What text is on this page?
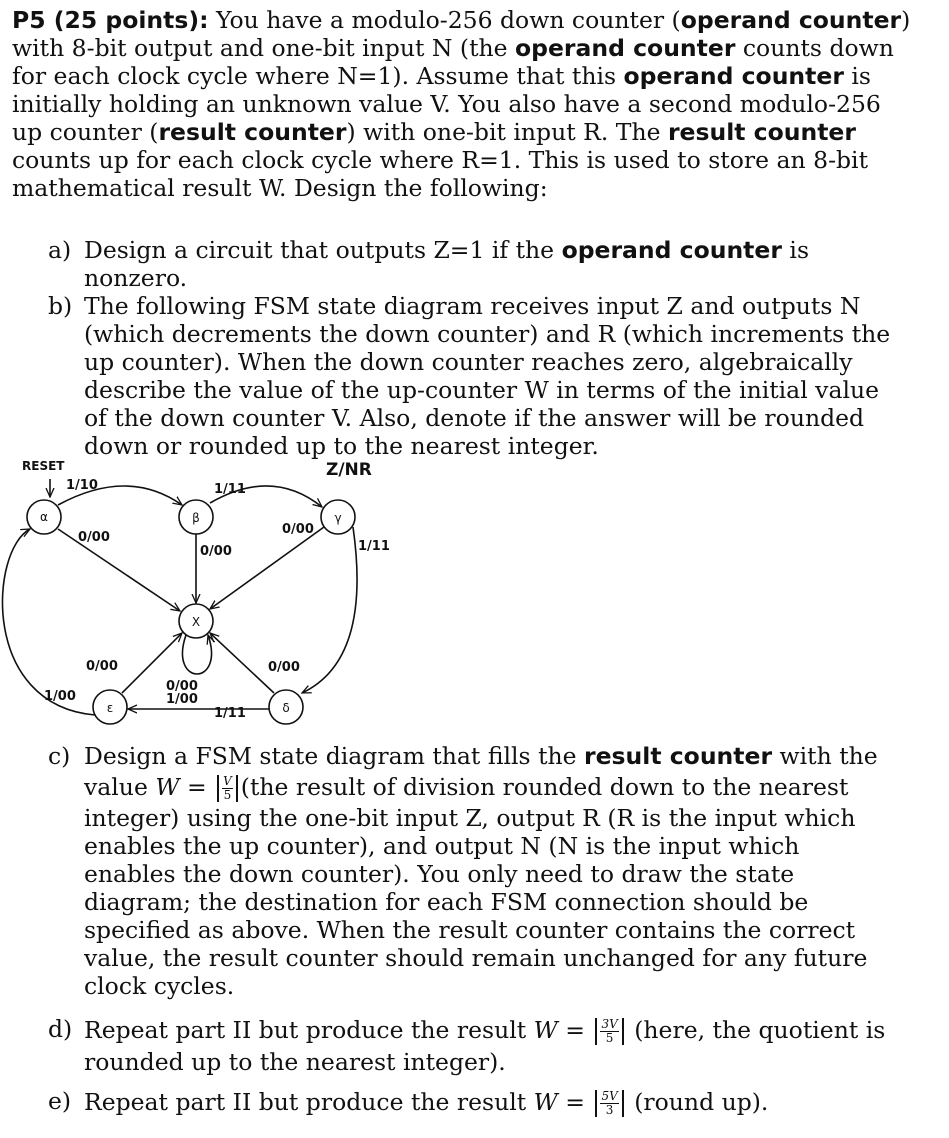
P5 (25 points): You have a modulo-256 down counter (operand counter)
with 8-bit output and one-bit input N (the operand counter counts down
for each clock cycle where N=1). Assume that this operand counter is
initially holding an unknown value V. You also have a second modulo-256
up counter (result counter) with one-bit input R. The result counter
counts up for each clock cycle where R=1. This is used to store an 8-bit
mathematical result W. Design the following:
a) Design a circuit that outputs Z=1 if the operand counter is
nonzero.
b) The following FSM state diagram receives input Z and outputs N
(which decrements the down counter) and R (which increments the
up counter). When the down counter reaches zero, algebraically
describe the value of the up-counter W in terms of the initial value
of the down counter V. Also, denote if the answer will be rounded
down or rounded up to the nearest integer.
RESET	Z/NR
α	β	γ
X
ε	δ
1/10	1/11
0/00
0/00
0/00
1/11
0/00	0/00
0/00
1/00
1/00
1/11
c) Design a FSM state diagram that fills the result counter with the
value $W = \frac{V}{5} (the$ result of division rounded down to the nearest
integer) using the one-bit input Z, output R (R is the input which
enables the up counter), and output N (N is the input which
enables the down counter). You only need to draw the state
diagram; the destination for each FSM connection should be
specified as above. When the result counter contains the correct
value, the result counter should remain unchanged for any future
clock cycles.
d) Repeat part II but produce the result $W = \frac{3V}{5}$ (here, the quotient is
rounded up to the nearest integer).
e) Repeat part II but produce the result $W = \frac{5V}{3}$ (round up).
